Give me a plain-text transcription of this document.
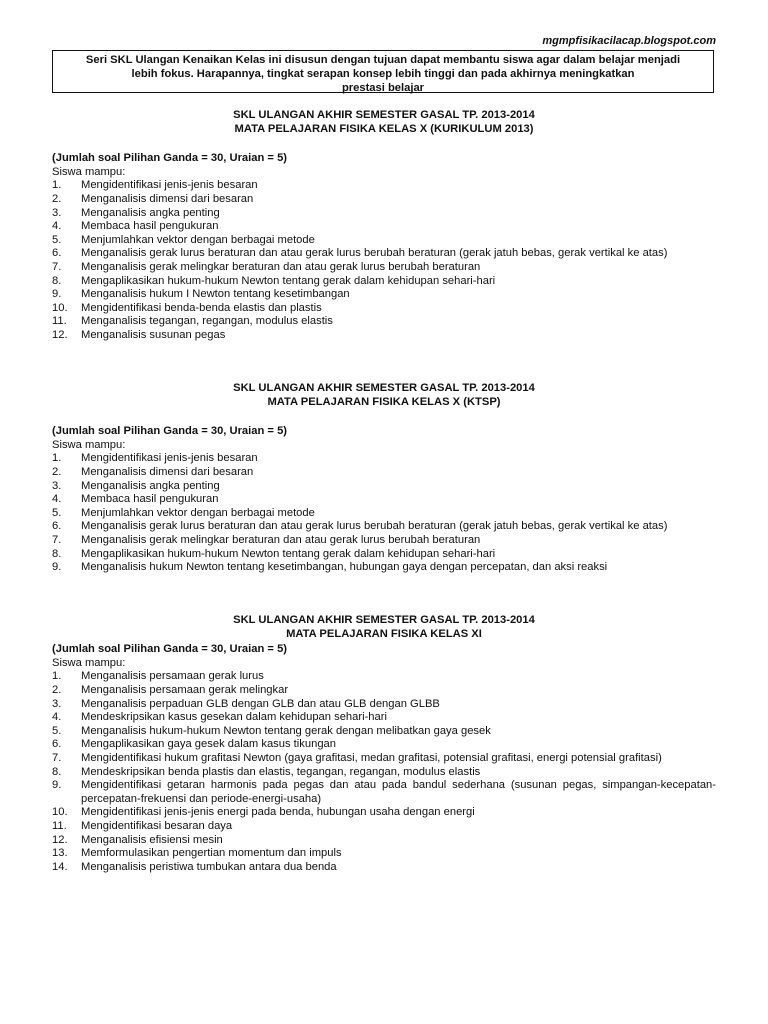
mgmpfisikacilacap.blogspot.com
Seri SKL Ulangan Kenaikan Kelas ini disusun dengan tujuan dapat membantu siswa agar dalam belajar menjadi
lebih fokus. Harapannya, tingkat serapan konsep lebih tinggi dan pada akhirnya meningkatkan
prestasi belajar
SKL ULANGAN AKHIR SEMESTER GASAL TP. 2013-2014
MATA PELAJARAN FISIKA KELAS X (KURIKULUM 2013)
(Jumlah soal Pilihan Ganda = 30, Uraian = 5)
Siswa mampu:
1. Mengidentifikasi jenis-jenis besaran
2. Menganalisis dimensi dari besaran
3. Menganalisis angka penting
4. Membaca hasil pengukuran
5. Menjumlahkan vektor dengan berbagai metode
6. Menganalisis gerak lurus beraturan dan atau gerak lurus berubah beraturan (gerak jatuh bebas, gerak vertikal ke atas)
7. Menganalisis gerak melingkar beraturan dan atau gerak lurus berubah beraturan
8. Mengaplikasikan hukum-hukum Newton tentang gerak dalam kehidupan sehari-hari
9. Menganalisis hukum I Newton tentang kesetimbangan
10. Mengidentifikasi benda-benda elastis dan plastis
11. Menganalisis tegangan, regangan, modulus elastis
12. Menganalisis susunan pegas
SKL ULANGAN AKHIR SEMESTER GASAL TP. 2013-2014
MATA PELAJARAN FISIKA KELAS X (KTSP)
(Jumlah soal Pilihan Ganda = 30, Uraian = 5)
Siswa mampu:
1. Mengidentifikasi jenis-jenis besaran
2. Menganalisis dimensi dari besaran
3. Menganalisis angka penting
4. Membaca hasil pengukuran
5. Menjumlahkan vektor dengan berbagai metode
6. Menganalisis gerak lurus beraturan dan atau gerak lurus berubah beraturan (gerak jatuh bebas, gerak vertikal ke atas)
7. Menganalisis gerak melingkar beraturan dan atau gerak lurus berubah beraturan
8. Mengaplikasikan hukum-hukum Newton tentang gerak dalam kehidupan sehari-hari
9. Menganalisis hukum Newton tentang kesetimbangan, hubungan gaya dengan percepatan, dan aksi reaksi
SKL ULANGAN AKHIR SEMESTER GASAL TP. 2013-2014
MATA PELAJARAN FISIKA KELAS XI
(Jumlah soal Pilihan Ganda = 30, Uraian = 5)
Siswa mampu:
1. Menganalisis persamaan gerak lurus
2. Menganalisis persamaan gerak melingkar
3. Menganalisis perpaduan GLB dengan GLB dan atau GLB dengan GLBB
4. Mendeskripsikan kasus gesekan dalam kehidupan sehari-hari
5. Menganalisis hukum-hukum Newton tentang gerak dengan melibatkan gaya gesek
6. Mengaplikasikan gaya gesek dalam kasus tikungan
7. Mengidentifikasi hukum grafitasi Newton (gaya grafitasi, medan grafitasi, potensial grafitasi, energi potensial grafitasi)
8. Mendeskripsikan benda plastis dan elastis, tegangan, regangan, modulus elastis
9. Mengidentifikasi getaran harmonis pada pegas dan atau pada bandul sederhana (susunan pegas, simpangan-kecepatan-percepatan-frekuensi dan periode-energi-usaha)
10. Mengidentifikasi jenis-jenis energi pada benda, hubungan usaha dengan energi
11. Mengidentifikasi besaran daya
12. Menganalisis efisiensi mesin
13. Memformulasikan pengertian momentum dan impuls
14. Menganalisis peristiwa tumbukan antara dua benda
